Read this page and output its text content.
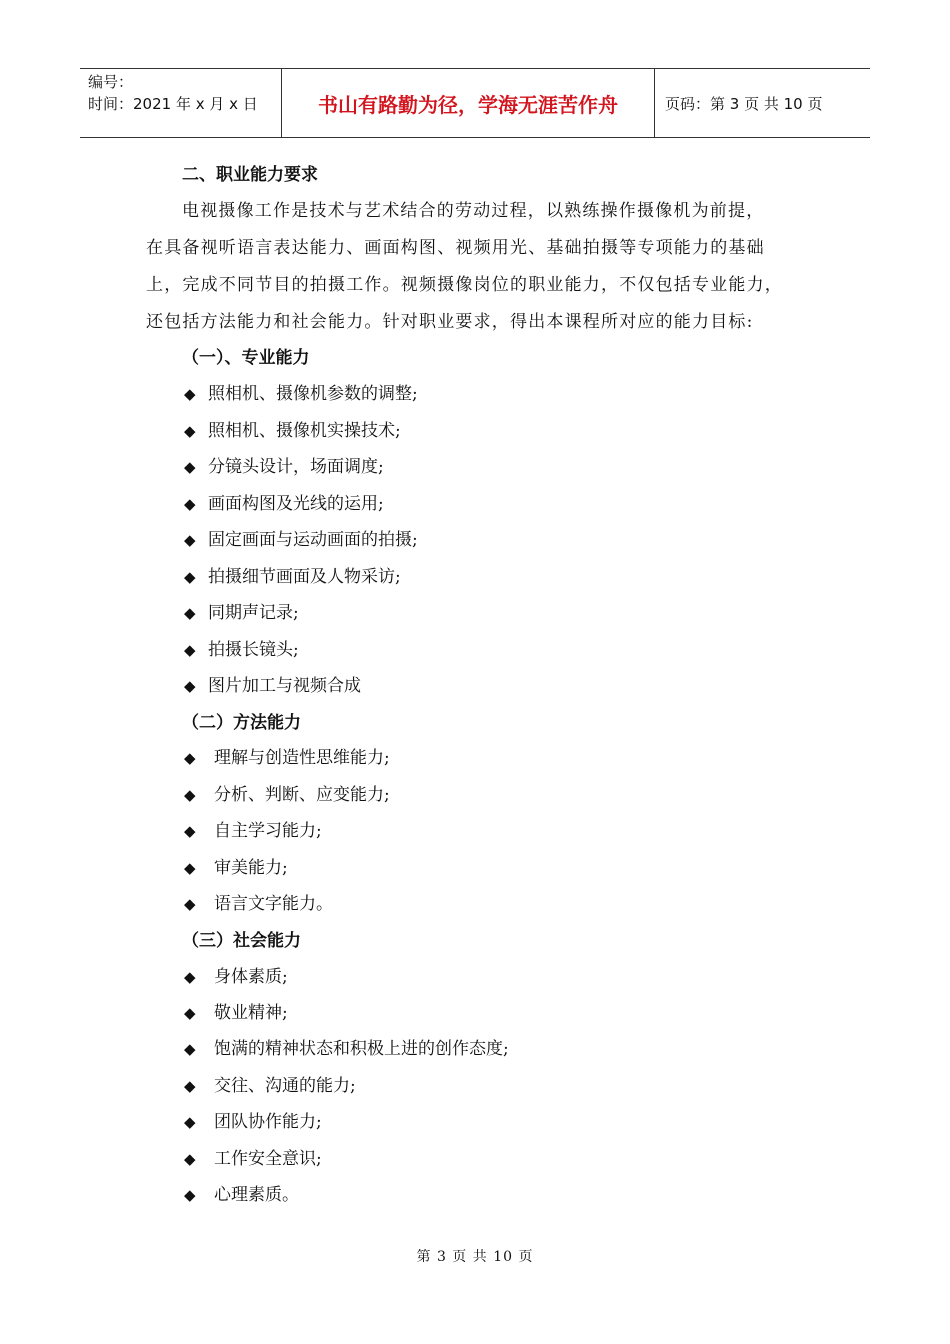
编号：
时间：2021 年 x 月 x 日	书山有路勤为径，学海无涯苦作舟	页码：第 3 页 共 10 页
二、职业能力要求
电视摄像工作是技术与艺术结合的劳动过程，以熟练操作摄像机为前提，
在具备视听语言表达能力、画面构图、视频用光、基础拍摄等专项能力的基础
上，完成不同节目的拍摄工作。视频摄像岗位的职业能力，不仅包括专业能力，
还包括方法能力和社会能力。针对职业要求，得出本课程所对应的能力目标:
（一）、专业能力
◆ 照相机、摄像机参数的调整;
◆ 照相机、摄像机实操技术;
◆ 分镜头设计，场面调度;
◆ 画面构图及光线的运用;
◆ 固定画面与运动画面的拍摄;
◆ 拍摄细节画面及人物采访;
◆ 同期声记录;
◆ 拍摄长镜头;
◆ 图片加工与视频合成
（二）方法能力
◆ 理解与创造性思维能力;
◆ 分析、判断、应变能力;
◆ 自主学习能力;
◆ 审美能力;
◆ 语言文字能力。
（三）社会能力
◆ 身体素质;
◆ 敬业精神;
◆ 饱满的精神状态和积极上进的创作态度;
◆ 交往、沟通的能力;
◆ 团队协作能力;
◆ 工作安全意识;
◆ 心理素质。
第 3 页 共 10 页
